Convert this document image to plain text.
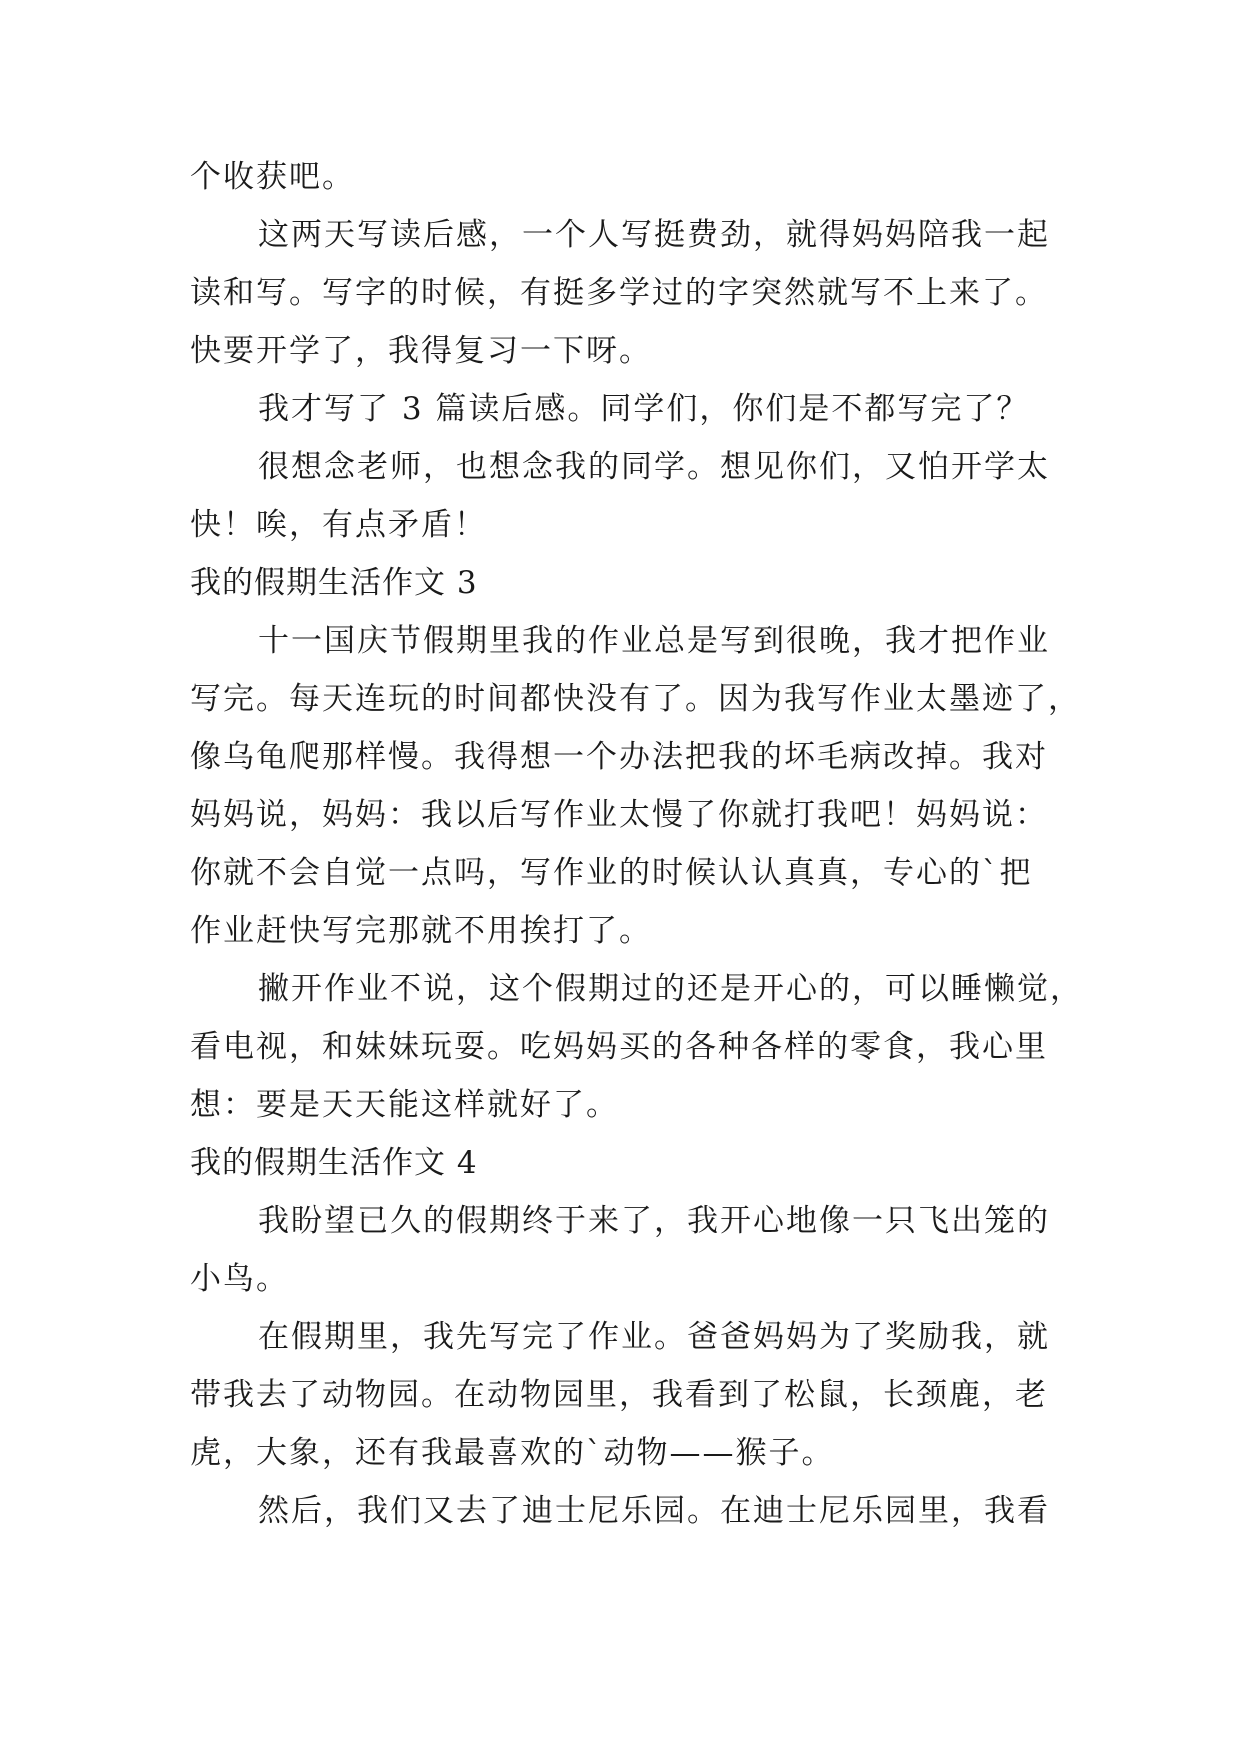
个收获吧。

这两天写读后感，一个人写挺费劲，就得妈妈陪我一起

读和写。写字的时候，有挺多学过的字突然就写不上来了。

快要开学了，我得复习一下呀。

我才写了 3 篇读后感。同学们，你们是不都写完了？

很想念老师，也想念我的同学。想见你们，又怕开学太

快！唉，有点矛盾！

我的假期生活作文 3

十一国庆节假期里我的作业总是写到很晚，我才把作业

写完。每天连玩的时间都快没有了。因为我写作业太墨迹了，

像乌龟爬那样慢。我得想一个办法把我的坏毛病改掉。我对

妈妈说，妈妈：我以后写作业太慢了你就打我吧！妈妈说：

你就不会自觉一点吗，写作业的时候认认真真，专心的`把

作业赶快写完那就不用挨打了。

撇开作业不说，这个假期过的还是开心的，可以睡懒觉，

看电视，和妹妹玩耍。吃妈妈买的各种各样的零食，我心里

想：要是天天能这样就好了。

我的假期生活作文 4

我盼望已久的假期终于来了，我开心地像一只飞出笼的

小鸟。

在假期里，我先写完了作业。爸爸妈妈为了奖励我，就

带我去了动物园。在动物园里，我看到了松鼠，长颈鹿，老

虎，大象，还有我最喜欢的`动物——猴子。

然后，我们又去了迪士尼乐园。在迪士尼乐园里，我看
